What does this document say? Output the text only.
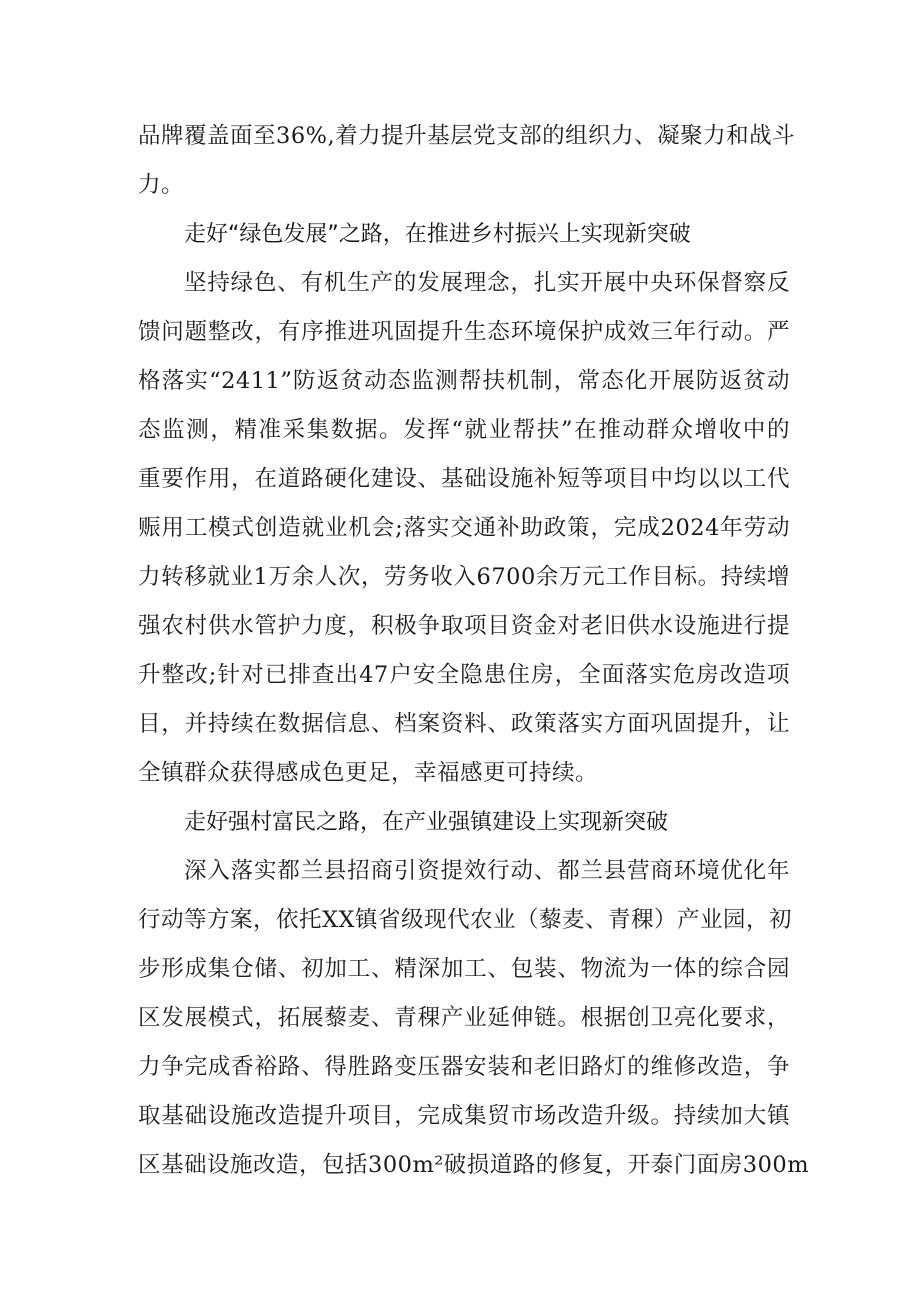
品牌覆盖面至36%,着力提升基层党支部的组织力、凝聚力和战斗
力。
走好“绿色发展”之路，在推进乡村振兴上实现新突破
坚持绿色、有机生产的发展理念，扎实开展中央环保督察反
馈问题整改，有序推进巩固提升生态环境保护成效三年行动。严
格落实“2411”防返贫动态监测帮扶机制，常态化开展防返贫动
态监测，精准采集数据。发挥“就业帮扶”在推动群众增收中的
重要作用，在道路硬化建设、基础设施补短等项目中均以以工代
赈用工模式创造就业机会;落实交通补助政策，完成2024年劳动
力转移就业1万余人次，劳务收入6700余万元工作目标。持续增
强农村供水管护力度，积极争取项目资金对老旧供水设施进行提
升整改;针对已排查出47户安全隐患住房，全面落实危房改造项
目，并持续在数据信息、档案资料、政策落实方面巩固提升，让
全镇群众获得感成色更足，幸福感更可持续。
走好强村富民之路，在产业强镇建设上实现新突破
深入落实都兰县招商引资提效行动、都兰县营商环境优化年
行动等方案，依托XX镇省级现代农业（藜麦、青稞）产业园，初
步形成集仓储、初加工、精深加工、包装、物流为一体的综合园
区发展模式，拓展藜麦、青稞产业延伸链。根据创卫亮化要求，
力争完成香裕路、得胜路变压器安装和老旧路灯的维修改造，争
取基础设施改造提升项目，完成集贸市场改造升级。持续加大镇
区基础设施改造，包括300m²破损道路的修复，开泰门面房300m
